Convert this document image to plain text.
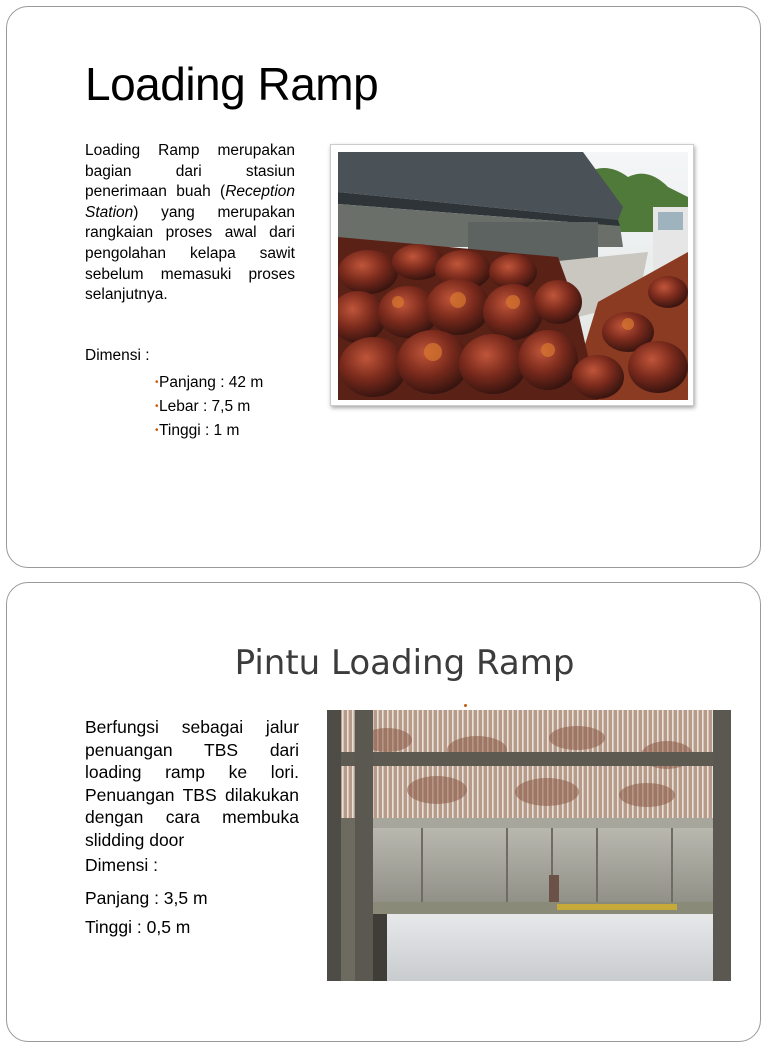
Loading Ramp

Loading Ramp merupakan bagian dari stasiun penerimaan buah (Reception Station) yang merupakan rangkaian proses awal dari pengolahan kelapa sawit sebelum memasuki proses selanjutnya.

Dimensi :

•Panjang : 42 m
•Lebar : 7,5 m
•Tinggi : 1 m
Pintu Loading Ramp

Berfungsi sebagai jalur penuangan TBS dari loading ramp ke lori. Penuangan TBS dilakukan dengan cara membuka slidding door

Dimensi :

Panjang : 3,5 m

Tinggi : 0,5 m
